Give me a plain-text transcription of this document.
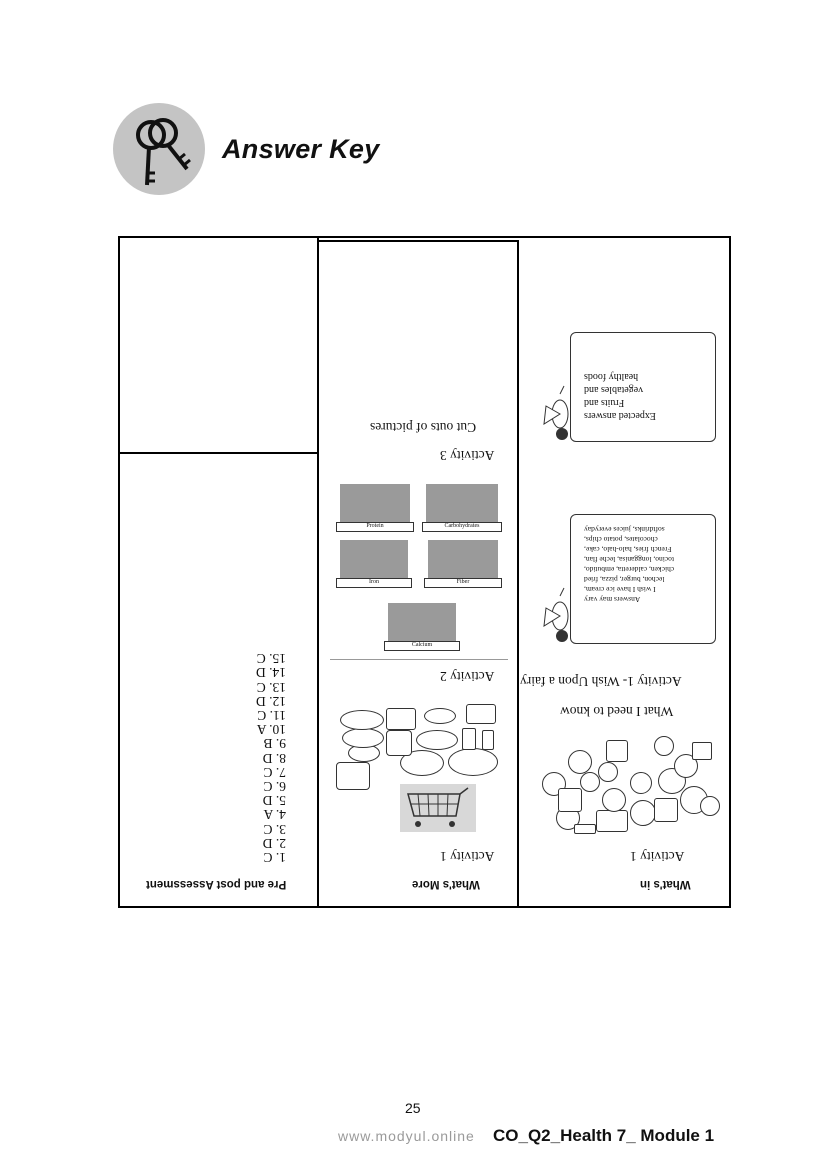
Answer Key
Pre and post Assessment
1. C
2. D
3. C
4. A
5. D
6. C
7. C
8. D
9. B
10. A
11. C
12. D
13. C
14. D
15. C
What's More
Activity 1
Activity 2
Calcium
Iron	Fiber
Protein	Carbohydrates
Activity 3
Cut outs of pictures
What's in
Activity 1
What I need to know
Activity 1- Wish Upon a fairy
Answers may vary
I wish I have ice cream,
lechon, burger, pizza, fried
chicken, calderetta, embutido,
tocino, longganisa, leche flan,
French fries, halo-halo, cake,
chocolates, potato chips,
softdrinks, juices everyday
Expected answers
Fruits and
vegetables and
healthy foods
25
www.modyul.online CO_Q2_Health 7_ Module 1
